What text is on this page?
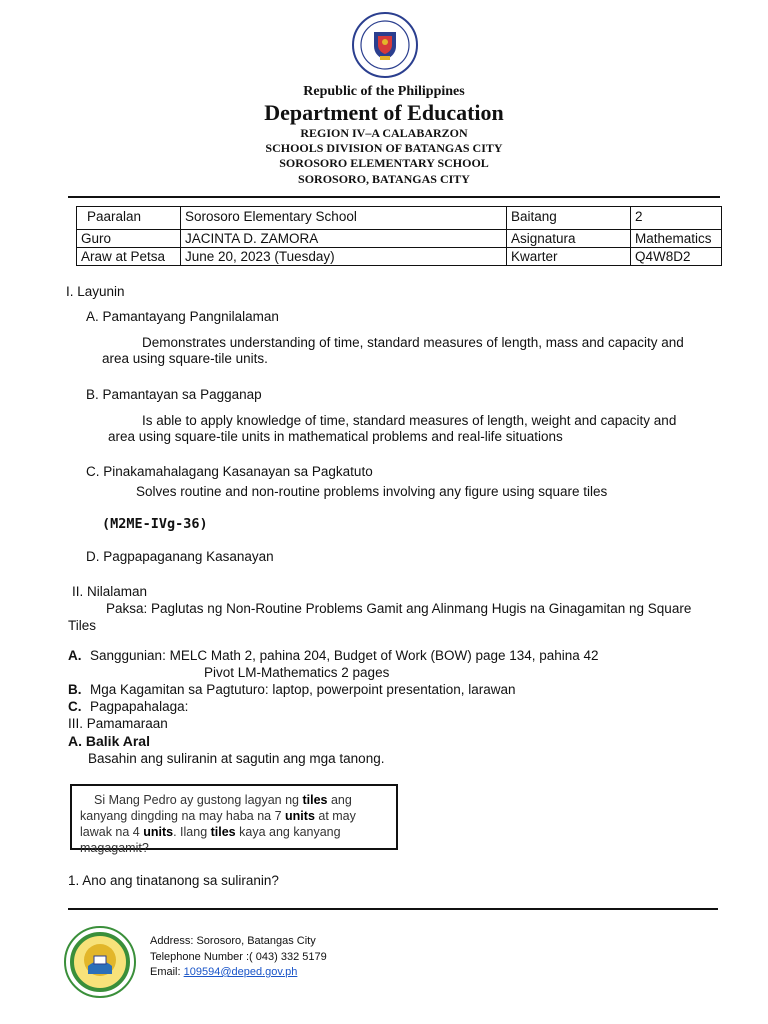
Republic of the Philippines
Department of Education
REGION IV–A CALABARZON
SCHOOLS DIVISION OF BATANGAS CITY
SOROSORO ELEMENTARY SCHOOL
SOROSORO, BATANGAS CITY
Paaralan	Sorosoro Elementary School	Baitang	2
Guro	JACINTA D. ZAMORA	Asignatura	Mathematics
Araw at Petsa	June 20, 2023 (Tuesday)	Kwarter	Q4W8D2
I. Layunin
A. Pamantayang Pangnilalaman
Demonstrates understanding of time, standard measures of length, mass and capacity and
area using square-tile units.
B. Pamantayan sa Pagganap
Is able to apply knowledge of time, standard measures of length, weight and capacity and
area using square-tile units in mathematical problems and real-life situations
C. Pinakamahalagang Kasanayan sa Pagkatuto
Solves routine and non-routine problems involving any figure using square tiles
(M2ME-IVg-36)
D. Pagpapaganang Kasanayan
II. Nilalaman
Paksa: Paglutas ng Non-Routine Problems Gamit ang Alinmang Hugis na Ginagamitan ng Square
Tiles
A. Sanggunian: MELC Math 2, pahina 204, Budget of Work (BOW) page 134, pahina 42
Pivot LM-Mathematics 2 pages
B. Mga Kagamitan sa Pagtuturo: laptop, powerpoint presentation, larawan
C. Pagpapahalaga:
III. Pamamaraan
A. Balik Aral
Basahin ang suliranin at sagutin ang mga tanong.
Si Mang Pedro ay gustong lagyan ng tiles ang kanyang dingding na may haba na 7 units at may lawak na 4 units. Ilang tiles kaya ang kanyang magagamit?
1. Ano ang tinatanong sa suliranin?
Address: Sorosoro, Batangas City
Telephone Number :( 043) 332 5179
Email: 109594@deped.gov.ph
